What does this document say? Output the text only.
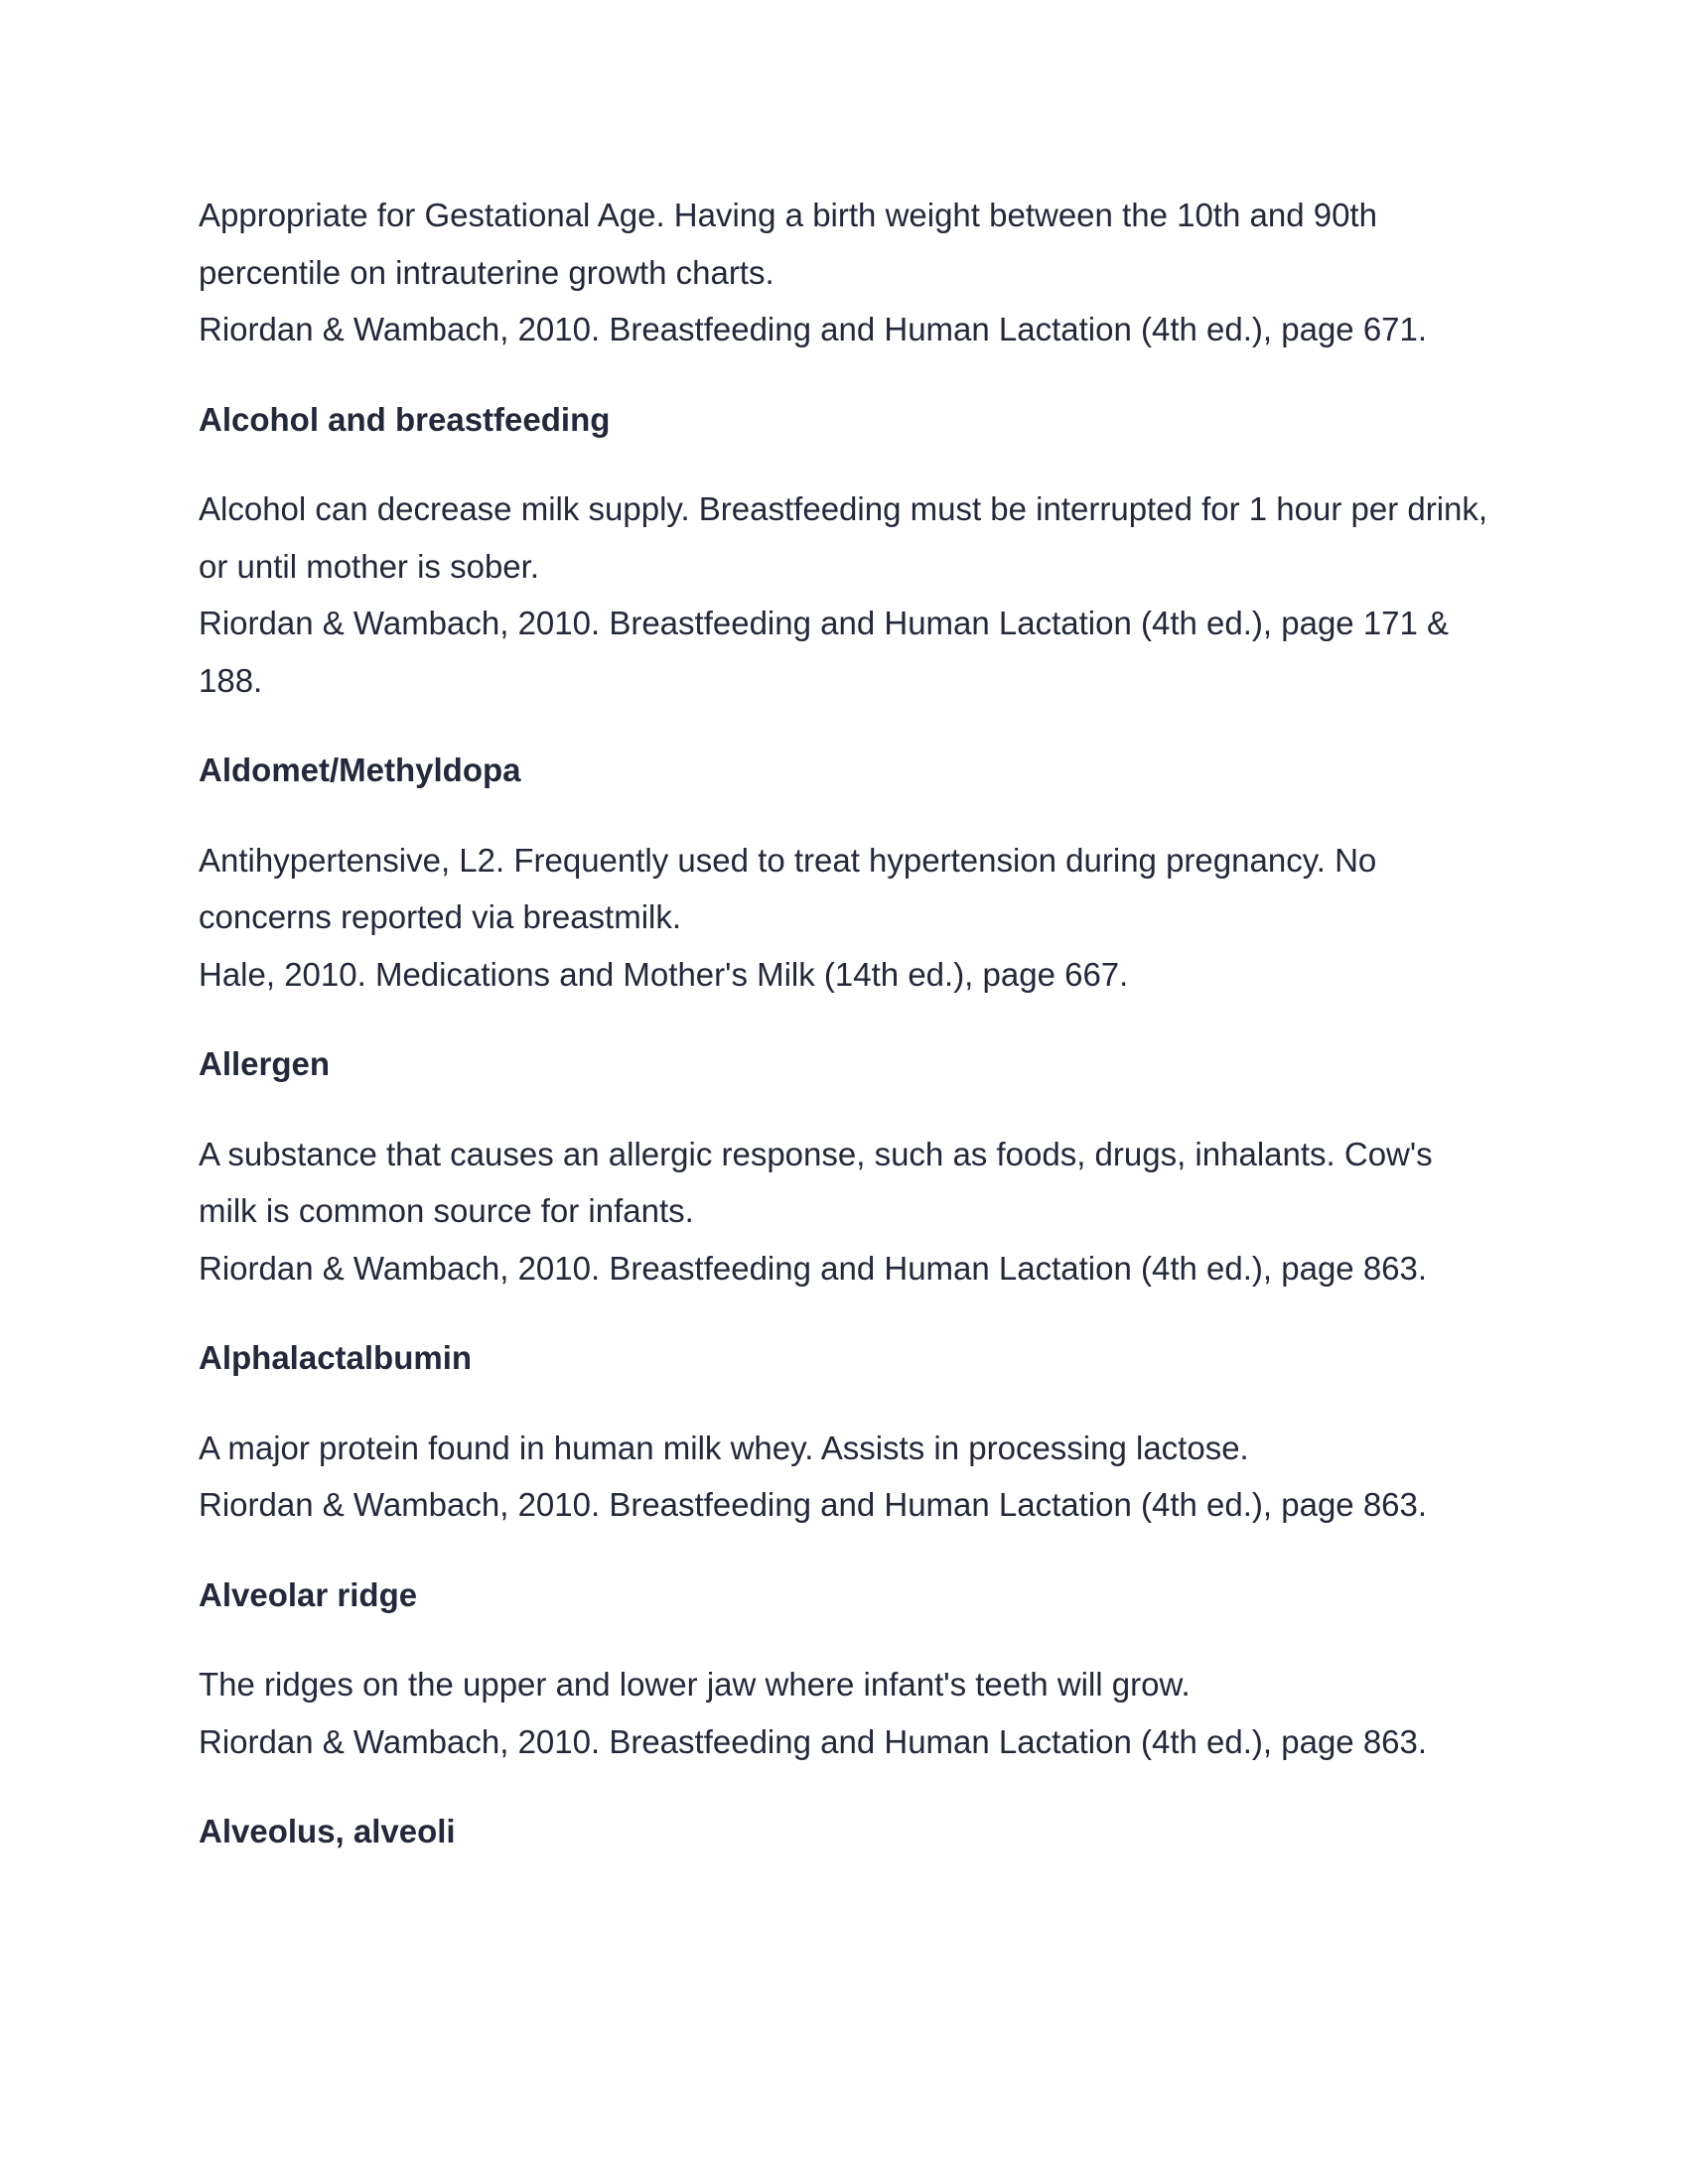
Appropriate for Gestational Age. Having a birth weight between the 10th and 90th percentile on intrauterine growth charts.

Riordan & Wambach, 2010. Breastfeeding and Human Lactation (4th ed.), page 671.

Alcohol and breastfeeding

Alcohol can decrease milk supply. Breastfeeding must be interrupted for 1 hour per drink, or until mother is sober.

Riordan & Wambach, 2010. Breastfeeding and Human Lactation (4th ed.), page 171 & 188.

Aldomet/Methyldopa

Antihypertensive, L2. Frequently used to treat hypertension during pregnancy. No concerns reported via breastmilk.

Hale, 2010. Medications and Mother's Milk (14th ed.), page 667.

Allergen

A substance that causes an allergic response, such as foods, drugs, inhalants. Cow's milk is common source for infants.

Riordan & Wambach, 2010. Breastfeeding and Human Lactation (4th ed.), page 863.

Alphalactalbumin

A major protein found in human milk whey. Assists in processing lactose.

Riordan & Wambach, 2010. Breastfeeding and Human Lactation (4th ed.), page 863.

Alveolar ridge

The ridges on the upper and lower jaw where infant's teeth will grow.

Riordan & Wambach, 2010. Breastfeeding and Human Lactation (4th ed.), page 863.

Alveolus, alveoli
